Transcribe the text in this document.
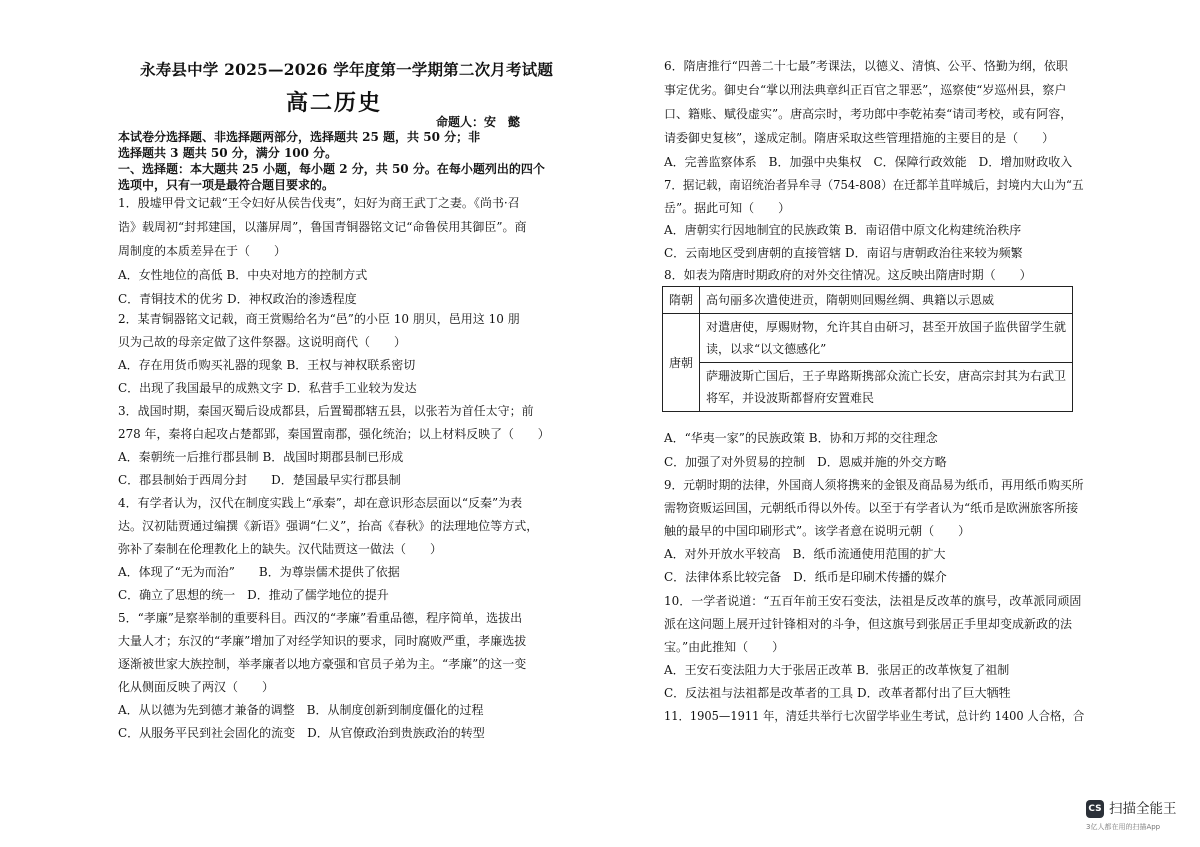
永寿县中学 2025—2026 学年度第一学期第二次月考试题
高二历史
命题人：安　懿
本试卷分选择题、非选择题两部分，选择题共 25 题，共 50 分；非
选择题共 3 题共 50 分，满分 100 分。
一、选择题：本大题共 25 小题，每小题 2 分，共 50 分。在每小题列出的四个
选项中，只有一项是最符合题目要求的。
1．殷墟甲骨文记载“王令妇好从侯告伐夷”，妇好为商王武丁之妻。《尚书·召
诰》载周初“封邦建国，以藩屏周”，鲁国青铜器铭文记“命鲁侯用其御臣”。商
周制度的本质差异在于（　　）
A．女性地位的高低 B．中央对地方的控制方式
C．青铜技术的优劣 D．神权政治的渗透程度
2．某青铜器铭文记载，商王赏赐给名为“邑”的小臣 10 朋贝，邑用这 10 朋
贝为己故的母亲定做了这件祭器。这说明商代（　　）
A．存在用货币购买礼器的现象 B．王权与神权联系密切
C．出现了我国最早的成熟文字 D．私营手工业较为发达
3．战国时期，秦国灭蜀后设成都县，后置蜀郡辖五县，以张若为首任太守；前
278 年，秦将白起攻占楚都郢，秦国置南郡，强化统治；以上材料反映了（　　）
A．秦朝统一后推行郡县制 B．战国时期郡县制已形成
C．郡县制始于西周分封　　D．楚国最早实行郡县制
4．有学者认为，汉代在制度实践上“承秦”，却在意识形态层面以“反秦”为表
达。汉初陆贾通过编撰《新语》强调“仁义”，抬高《春秋》的法理地位等方式，
弥补了秦制在伦理教化上的缺失。汉代陆贾这一做法（　　）
A．体现了“无为而治”　　B．为尊崇儒术提供了依据
C．确立了思想的统一　D．推动了儒学地位的提升
5．“孝廉”是察举制的重要科目。西汉的“孝廉”看重品德，程序简单，选拔出
大量人才；东汉的“孝廉”增加了对经学知识的要求，同时腐败严重，孝廉选拔
逐渐被世家大族控制，举孝廉者以地方豪强和官员子弟为主。“孝廉”的这一变
化从侧面反映了两汉（　　）
A．从以德为先到德才兼备的调整　B．从制度创新到制度僵化的过程
C．从服务平民到社会固化的流变　D．从官僚政治到贵族政治的转型
6．隋唐推行“四善二十七最”考课法，以德义、清慎、公平、恪勤为纲，依职
事定优劣。御史台“掌以刑法典章纠正百官之罪恶”，巡察使“岁巡州县，察户
口、籍账、赋役虚实”。唐高宗时，考功郎中李乾祐奏“请司考校，或有阿容，
请委御史复核”，遂成定制。隋唐采取这些管理措施的主要目的是（　　）
A．完善监察体系　B．加强中央集权　C．保障行政效能　D．增加财政收入
7．据记载，南诏统治者异牟寻（754-808）在迁都羊苴咩城后，封境内大山为“五
岳”。据此可知（　　）
A．唐朝实行因地制宜的民族政策 B．南诏借中原文化构建统治秩序
C．云南地区受到唐朝的直接管辖 D．南诏与唐朝政治往来较为频繁
8．如表为隋唐时期政府的对外交往情况。这反映出隋唐时期（　　）
隋朝	高句丽多次遣使进贡，隋朝则回赐丝绸、典籍以示恩威

唐朝	对遣唐使，厚赐财物，允许其自由研习，甚至开放国子监供留学生就
读，以求“以文德感化”

	萨珊波斯亡国后，王子卑路斯携部众流亡长安，唐高宗封其为右武卫
将军，并设波斯都督府安置难民
A．“华夷一家”的民族政策 B．协和万邦的交往理念
C．加强了对外贸易的控制　D．恩威并施的外交方略
9．元朝时期的法律，外国商人须将携来的金银及商品易为纸币，再用纸币购买所
需物资贩运回国，元朝纸币得以外传。以至于有学者认为“纸币是欧洲旅客所接
触的最早的中国印刷形式”。该学者意在说明元朝（　　）
A．对外开放水平较高　B．纸币流通使用范围的扩大
C．法律体系比较完备　D．纸币是印刷术传播的媒介
10．一学者说道：“五百年前王安石变法，法祖是反改革的旗号，改革派同顽固
派在这问题上展开过针锋相对的斗争，但这旗号到张居正手里却变成新政的法
宝。”由此推知（　　）
A．王安石变法阻力大于张居正改革 B．张居正的改革恢复了祖制
C．反法祖与法祖都是改革者的工具 D．改革者都付出了巨大牺牲
11．1905—1911 年，清廷共举行七次留学毕业生考试，总计约 1400 人合格，合
CS 扫描全能王
3亿人都在用的扫描App
